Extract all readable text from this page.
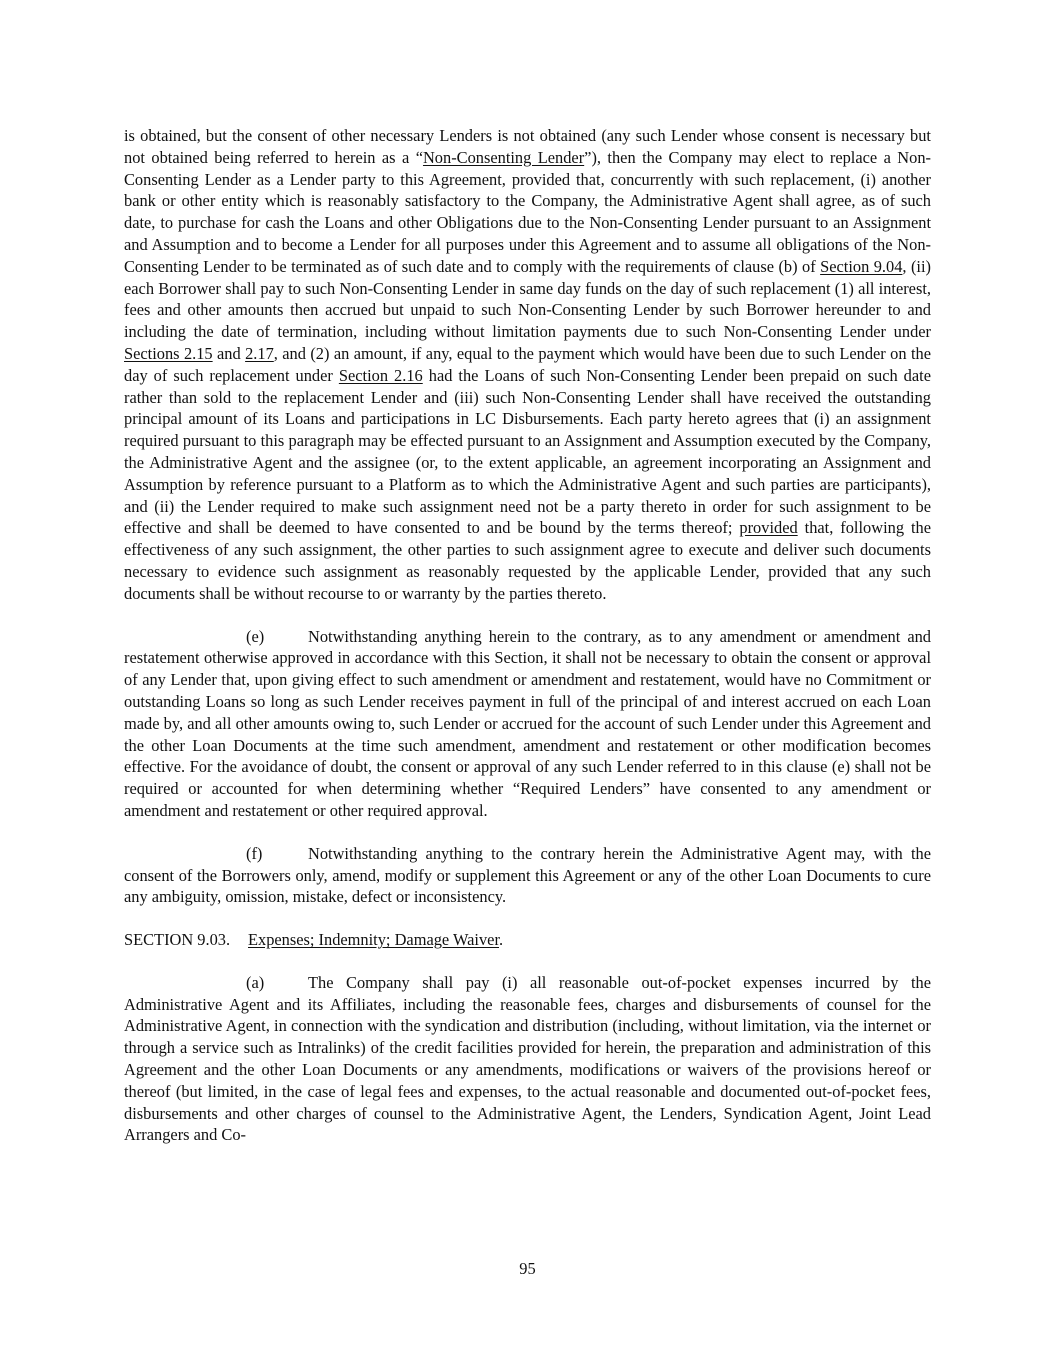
is obtained, but the consent of other necessary Lenders is not obtained (any such Lender whose consent is necessary but not obtained being referred to herein as a “Non-Consenting Lender”), then the Company may elect to replace a Non-Consenting Lender as a Lender party to this Agreement, provided that, concurrently with such replacement, (i) another bank or other entity which is reasonably satisfactory to the Company, the Administrative Agent shall agree, as of such date, to purchase for cash the Loans and other Obligations due to the Non-Consenting Lender pursuant to an Assignment and Assumption and to become a Lender for all purposes under this Agreement and to assume all obligations of the Non-Consenting Lender to be terminated as of such date and to comply with the requirements of clause (b) of Section 9.04, (ii) each Borrower shall pay to such Non-Consenting Lender in same day funds on the day of such replacement (1) all interest, fees and other amounts then accrued but unpaid to such Non-Consenting Lender by such Borrower hereunder to and including the date of termination, including without limitation payments due to such Non-Consenting Lender under Sections 2.15 and 2.17, and (2) an amount, if any, equal to the payment which would have been due to such Lender on the day of such replacement under Section 2.16 had the Loans of such Non-Consenting Lender been prepaid on such date rather than sold to the replacement Lender and (iii) such Non-Consenting Lender shall have received the outstanding principal amount of its Loans and participations in LC Disbursements. Each party hereto agrees that (i) an assignment required pursuant to this paragraph may be effected pursuant to an Assignment and Assumption executed by the Company, the Administrative Agent and the assignee (or, to the extent applicable, an agreement incorporating an Assignment and Assumption by reference pursuant to a Platform as to which the Administrative Agent and such parties are participants), and (ii) the Lender required to make such assignment need not be a party thereto in order for such assignment to be effective and shall be deemed to have consented to and be bound by the terms thereof; provided that, following the effectiveness of any such assignment, the other parties to such assignment agree to execute and deliver such documents necessary to evidence such assignment as reasonably requested by the applicable Lender, provided that any such documents shall be without recourse to or warranty by the parties thereto.

(e)	Notwithstanding anything herein to the contrary, as to any amendment or amendment and restatement otherwise approved in accordance with this Section, it shall not be necessary to obtain the consent or approval of any Lender that, upon giving effect to such amendment or amendment and restatement, would have no Commitment or outstanding Loans so long as such Lender receives payment in full of the principal of and interest accrued on each Loan made by, and all other amounts owing to, such Lender or accrued for the account of such Lender under this Agreement and the other Loan Documents at the time such amendment, amendment and restatement or other modification becomes effective. For the avoidance of doubt, the consent or approval of any such Lender referred to in this clause (e) shall not be required or accounted for when determining whether “Required Lenders” have consented to any amendment or amendment and restatement or other required approval.

(f)	Notwithstanding anything to the contrary herein the Administrative Agent may, with the consent of the Borrowers only, amend, modify or supplement this Agreement or any of the other Loan Documents to cure any ambiguity, omission, mistake, defect or inconsistency.

SECTION 9.03. Expenses; Indemnity; Damage Waiver.

(a)	The Company shall pay (i) all reasonable out-of-pocket expenses incurred by the Administrative Agent and its Affiliates, including the reasonable fees, charges and disbursements of counsel for the Administrative Agent, in connection with the syndication and distribution (including, without limitation, via the internet or through a service such as Intralinks) of the credit facilities provided for herein, the preparation and administration of this Agreement and the other Loan Documents or any amendments, modifications or waivers of the provisions hereof or thereof (but limited, in the case of legal fees and expenses, to the actual reasonable and documented out-of-pocket fees, disbursements and other charges of counsel to the Administrative Agent, the Lenders, Syndication Agent, Joint Lead Arrangers and Co-

95
